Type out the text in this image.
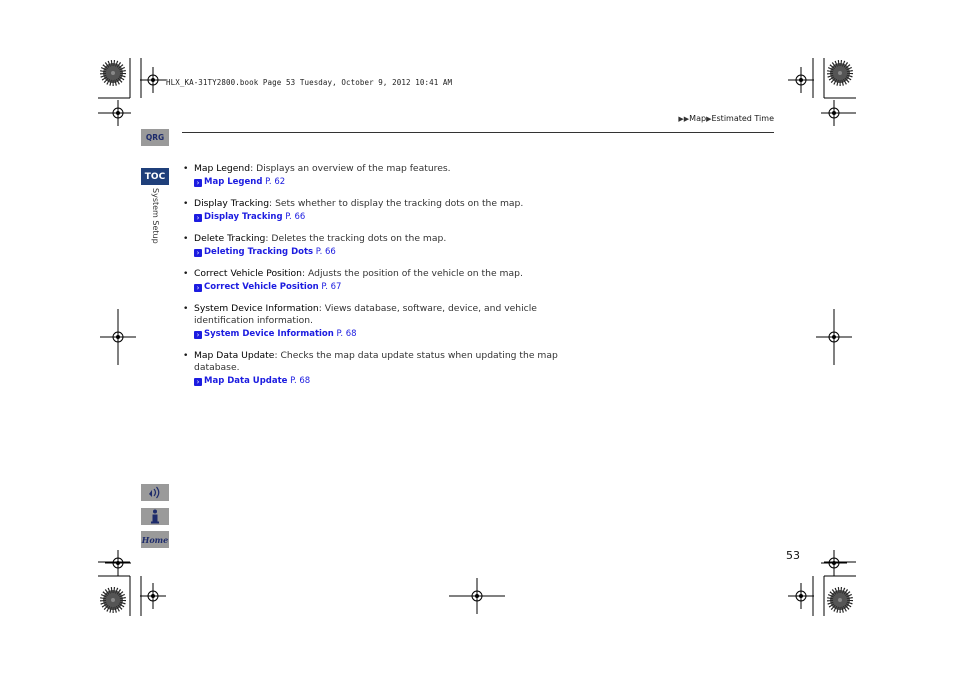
HLX_KA-31TY2800.book Page 53 Tuesday, October 9, 2012 10:41 AM
▶▶Map▶Estimated Time
QRG
TOC
System Setup
• Map Legend: Displays an overview of the map features.
› Map Legend P. 62
• Display Tracking: Sets whether to display the tracking dots on the map.
› Display Tracking P. 66
• Delete Tracking: Deletes the tracking dots on the map.
› Deleting Tracking Dots P. 66
• Correct Vehicle Position: Adjusts the position of the vehicle on the map.
› Correct Vehicle Position P. 67
• System Device Information: Views database, software, device, and vehicle identification information.
› System Device Information P. 68
• Map Data Update: Checks the map data update status when updating the map database.
› Map Data Update P. 68
Home
53
